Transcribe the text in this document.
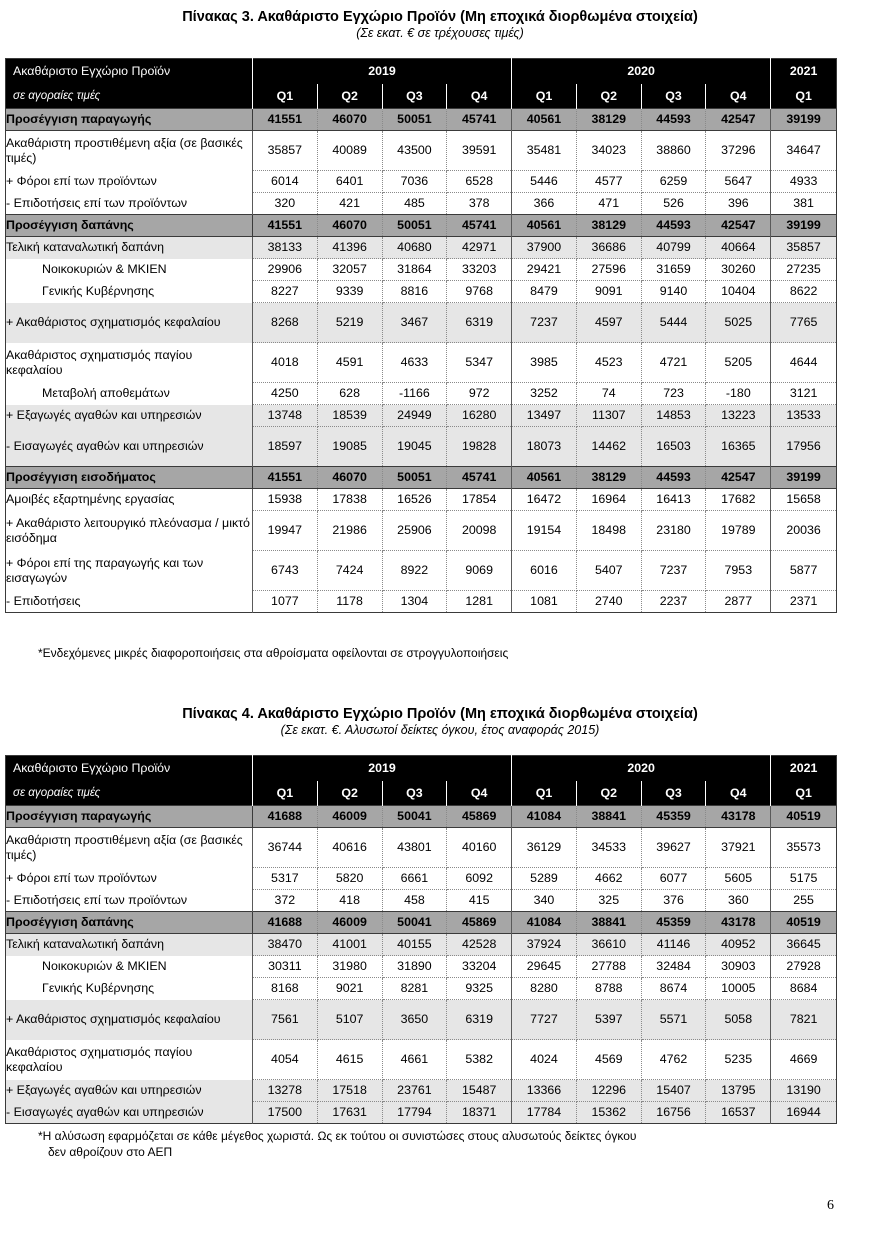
Πίνακας 3. Ακαθάριστο Εγχώριο Προϊόν (Μη εποχικά διορθωμένα στοιχεία)
(Σε εκατ. € σε τρέχουσες τιμές)
Ακαθάριστο Εγχώριο Προϊόν	2019				2020				2021
σε αγοραίες τιμές	Q1	Q2	Q3	Q4	Q1	Q2	Q3	Q4	Q1
Προσέγγιση παραγωγής	41551	46070	50051	45741	40561	38129	44593	42547	39199
Ακαθάριστη προστιθέμενη αξία (σε βασικές τιμές)	35857	40089	43500	39591	35481	34023	38860	37296	34647
+ Φόροι επί των προϊόντων	6014	6401	7036	6528	5446	4577	6259	5647	4933
- Επιδοτήσεις επί των προϊόντων	320	421	485	378	366	471	526	396	381
Προσέγγιση δαπάνης	41551	46070	50051	45741	40561	38129	44593	42547	39199
Τελική καταναλωτική δαπάνη	38133	41396	40680	42971	37900	36686	40799	40664	35857
Νοικοκυριών & ΜΚΙΕΝ	29906	32057	31864	33203	29421	27596	31659	30260	27235
Γενικής Κυβέρνησης	8227	9339	8816	9768	8479	9091	9140	10404	8622
+ Ακαθάριστος σχηματισμός κεφαλαίου	8268	5219	3467	6319	7237	4597	5444	5025	7765
Ακαθάριστος σχηματισμός παγίου κεφαλαίου	4018	4591	4633	5347	3985	4523	4721	5205	4644
Μεταβολή αποθεμάτων	4250	628	-1166	972	3252	74	723	-180	3121
+ Εξαγωγές αγαθών και υπηρεσιών	13748	18539	24949	16280	13497	11307	14853	13223	13533
- Εισαγωγές αγαθών και υπηρεσιών	18597	19085	19045	19828	18073	14462	16503	16365	17956
Προσέγγιση εισοδήματος	41551	46070	50051	45741	40561	38129	44593	42547	39199
Αμοιβές εξαρτημένης εργασίας	15938	17838	16526	17854	16472	16964	16413	17682	15658
+ Ακαθάριστο λειτουργικό πλεόνασμα / μικτό εισόδημα	19947	21986	25906	20098	19154	18498	23180	19789	20036
+ Φόροι επί της παραγωγής και των εισαγωγών	6743	7424	8922	9069	6016	5407	7237	7953	5877
- Επιδοτήσεις	1077	1178	1304	1281	1081	2740	2237	2877	2371
*Ενδεχόμενες μικρές διαφοροποιήσεις στα αθροίσματα οφείλονται σε στρογγυλοποιήσεις
Πίνακας 4. Ακαθάριστο Εγχώριο Προϊόν (Μη εποχικά διορθωμένα στοιχεία)
(Σε εκατ. €. Αλυσωτοί δείκτες όγκου, έτος αναφοράς 2015)
Ακαθάριστο Εγχώριο Προϊόν	2019				2020				2021
σε αγοραίες τιμές	Q1	Q2	Q3	Q4	Q1	Q2	Q3	Q4	Q1
Προσέγγιση παραγωγής	41688	46009	50041	45869	41084	38841	45359	43178	40519
Ακαθάριστη προστιθέμενη αξία (σε βασικές τιμές)	36744	40616	43801	40160	36129	34533	39627	37921	35573
+ Φόροι επί των προϊόντων	5317	5820	6661	6092	5289	4662	6077	5605	5175
- Επιδοτήσεις επί των προϊόντων	372	418	458	415	340	325	376	360	255
Προσέγγιση δαπάνης	41688	46009	50041	45869	41084	38841	45359	43178	40519
Τελική καταναλωτική δαπάνη	38470	41001	40155	42528	37924	36610	41146	40952	36645
Νοικοκυριών & ΜΚΙΕΝ	30311	31980	31890	33204	29645	27788	32484	30903	27928
Γενικής Κυβέρνησης	8168	9021	8281	9325	8280	8788	8674	10005	8684
+ Ακαθάριστος σχηματισμός κεφαλαίου	7561	5107	3650	6319	7727	5397	5571	5058	7821
Ακαθάριστος σχηματισμός παγίου κεφαλαίου	4054	4615	4661	5382	4024	4569	4762	5235	4669
+ Εξαγωγές αγαθών και υπηρεσιών	13278	17518	23761	15487	13366	12296	15407	13795	13190
- Εισαγωγές αγαθών και υπηρεσιών	17500	17631	17794	18371	17784	15362	16756	16537	16944
*Η αλύσωση εφαρμόζεται σε κάθε μέγεθος χωριστά. Ως εκ τούτου οι συνιστώσες στους αλυσωτούς δείκτες όγκου
δεν αθροίζουν στο ΑΕΠ
6
